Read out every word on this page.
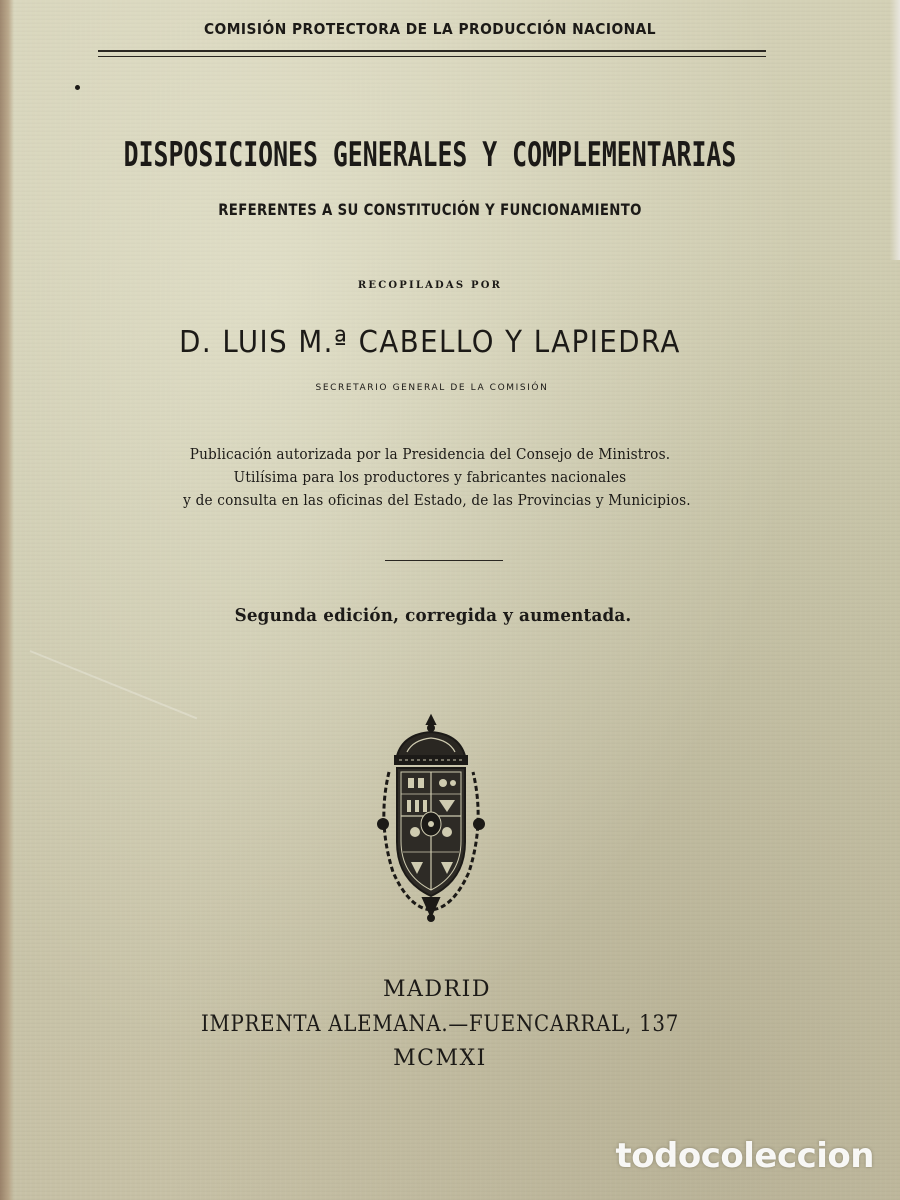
COMISIÓN PROTECTORA DE LA PRODUCCIÓN NACIONAL
DISPOSICIONES GENERALES Y COMPLEMENTARIAS
REFERENTES A SU CONSTITUCIÓN Y FUNCIONAMIENTO
RECOPILADAS POR
D. LUIS M.ª CABELLO Y LAPIEDRA
SECRETARIO GENERAL DE LA COMISIÓN
Publicación autorizada por la Presidencia del Consejo de Ministros.
Utilísima para los productores y fabricantes nacionales
y de consulta en las oficinas del Estado, de las Provincias y Municipios.
Segunda edición, corregida y aumentada.
MADRID
IMPRENTA ALEMANA.—FUENCARRAL, 137
MCMXI
todocoleccion
